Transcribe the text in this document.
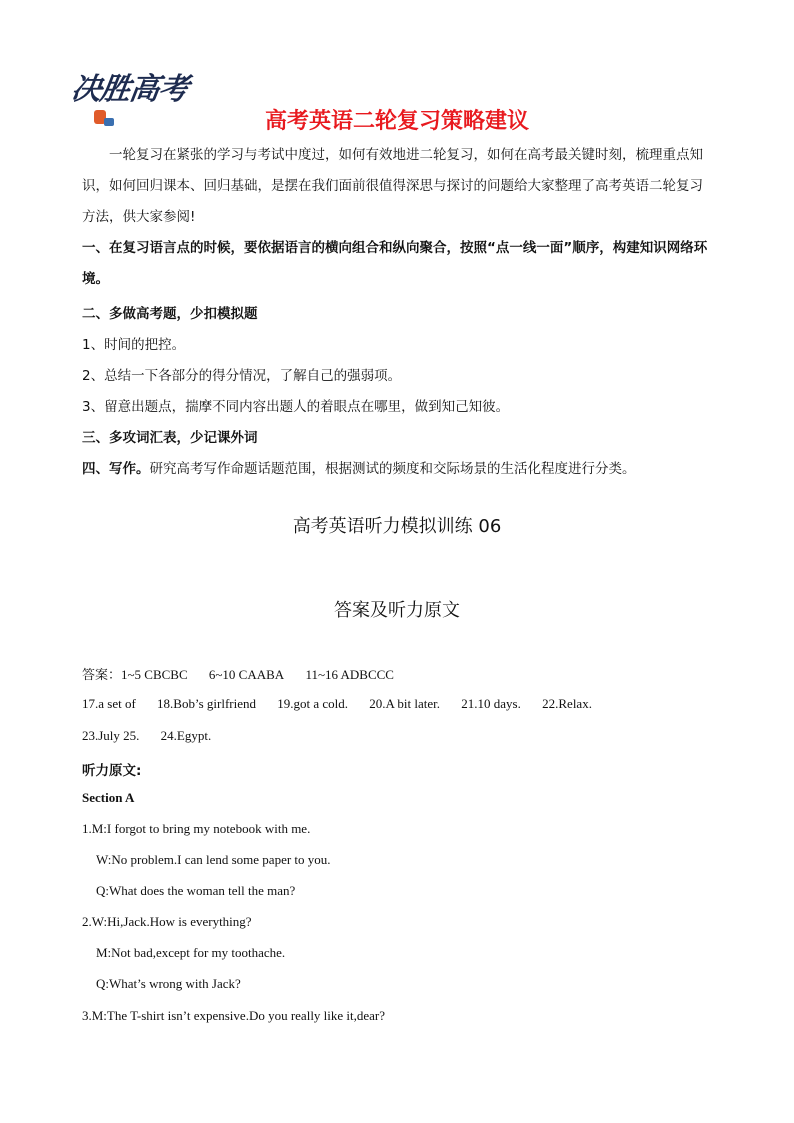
决胜高考
高考英语二轮复习策略建议
一轮复习在紧张的学习与考试中度过，如何有效地进二轮复习，如何在高考最关键时刻，梳理重点知识，如何回归课本、回归基础，是摆在我们面前很值得深思与探讨的问题给大家整理了高考英语二轮复习方法，供大家参阅!
一、在复习语言点的时候，要依据语言的横向组合和纵向聚合，按照“点一线一面”顺序，构建知识网络环境。
二、多做高考题，少扣模拟题
1、时间的把控。
2、总结一下各部分的得分情况，了解自己的强弱项。
3、留意出题点，揣摩不同内容出题人的着眼点在哪里，做到知己知彼。
三、多攻词汇表，少记课外词
四、写作。研究高考写作命题话题范围，根据测试的频度和交际场景的生活化程度进行分类。
高考英语听力模拟训练 06
答案及听力原文
答案：1~5 CBCBC 6~10 CAABA 11~16 ADBCCC
17.a set of 18.Bob’s girlfriend 19.got a cold. 20.A bit later. 21.10 days. 22.Relax.
23.July 25. 24.Egypt.
听力原文:
Section A
1.M:I forgot to bring my notebook with me.
W:No problem.I can lend some paper to you.
Q:What does the woman tell the man?
2.W:Hi,Jack.How is everything?
M:Not bad,except for my toothache.
Q:What’s wrong with Jack?
3.M:The T-shirt isn’t expensive.Do you really like it,dear?
